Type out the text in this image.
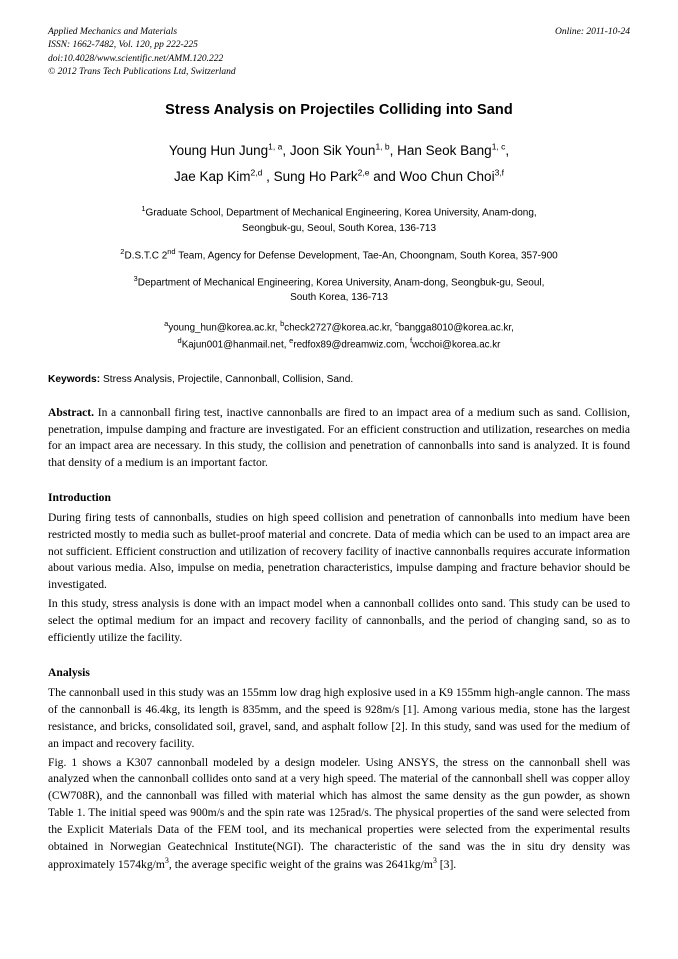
Applied Mechanics and Materials
ISSN: 1662-7482, Vol. 120, pp 222-225
doi:10.4028/www.scientific.net/AMM.120.222
© 2012 Trans Tech Publications Ltd, Switzerland
Online: 2011-10-24
Stress Analysis on Projectiles Colliding into Sand
Young Hun Jung$^{1, a}$, Joon Sik Youn$^{1, b}$, Han Seok Bang$^{1, c}$,
Jae Kap Kim$^{2,d}$ , Sung Ho Park$^{2,e}$ and Woo Chun Choi$^{3,f}$
$^1$Graduate School, Department of Mechanical Engineering, Korea University, Anam-dong,
Seongbuk-gu, Seoul, South Korea, 136-713
$^2$D.S.T.C 2nd Team, Agency for Defense Development, Tae-An, Choongnam, South Korea, 357-900
$^3$Department of Mechanical Engineering, Korea University, Anam-dong, Seongbuk-gu, Seoul,
South Korea, 136-713
$^a$young_hun@korea.ac.kr, $^b$check2727@korea.ac.kr, $^c$bangga8010@korea.ac.kr,
$^d$Kajun001@hanmail.net, $^e$redfox89@dreamwiz.com, $^f$wcchoi@korea.ac.kr
Keywords: Stress Analysis, Projectile, Cannonball, Collision, Sand.
Abstract. In a cannonball firing test, inactive cannonballs are fired to an impact area of a medium such as sand. Collision, penetration, impulse damping and fracture are investigated. For an efficient construction and utilization, researches on media for an impact area are necessary. In this study, the collision and penetration of cannonballs into sand is analyzed. It is found that density of a medium is an important factor.
Introduction

During firing tests of cannonballs, studies on high speed collision and penetration of cannonballs into medium have been restricted mostly to media such as bullet-proof material and concrete. Data of media which can be used to an impact area are not sufficient. Efficient construction and utilization of recovery facility of inactive cannonballs requires accurate information about various media. Also, impulse on media, penetration characteristics, impulse damping and fracture behavior should be investigated.

In this study, stress analysis is done with an impact model when a cannonball collides onto sand. This study can be used to select the optimal medium for an impact and recovery facility of cannonballs, and the period of changing sand, so as to efficiently utilize the facility.

Analysis

The cannonball used in this study was an 155mm low drag high explosive used in a K9 155mm high-angle cannon. The mass of the cannonball is 46.4kg, its length is 835mm, and the speed is 928m/s [1]. Among various media, stone has the largest resistance, and bricks, consolidated soil, gravel, sand, and asphalt follow [2]. In this study, sand was used for the medium of an impact and recovery facility.

Fig. 1 shows a K307 cannonball modeled by a design modeler. Using ANSYS, the stress on the cannonball shell was analyzed when the cannonball collides onto sand at a very high speed. The material of the cannonball shell was copper alloy (CW708R), and the cannonball was filled with material which has almost the same density as the gun powder, as shown Table 1. The initial speed was 900m/s and the spin rate was 125rad/s. The physical properties of the sand were selected from the Explicit Materials Data of the FEM tool, and its mechanical properties were selected from the experimental results obtained in Norwegian Geatechnical Institute(NGI). The characteristic of the sand was the in situ dry density was approximately $1574kg/m^3$, the average specific weight of the grains was $2641kg/m^3$ [3].
